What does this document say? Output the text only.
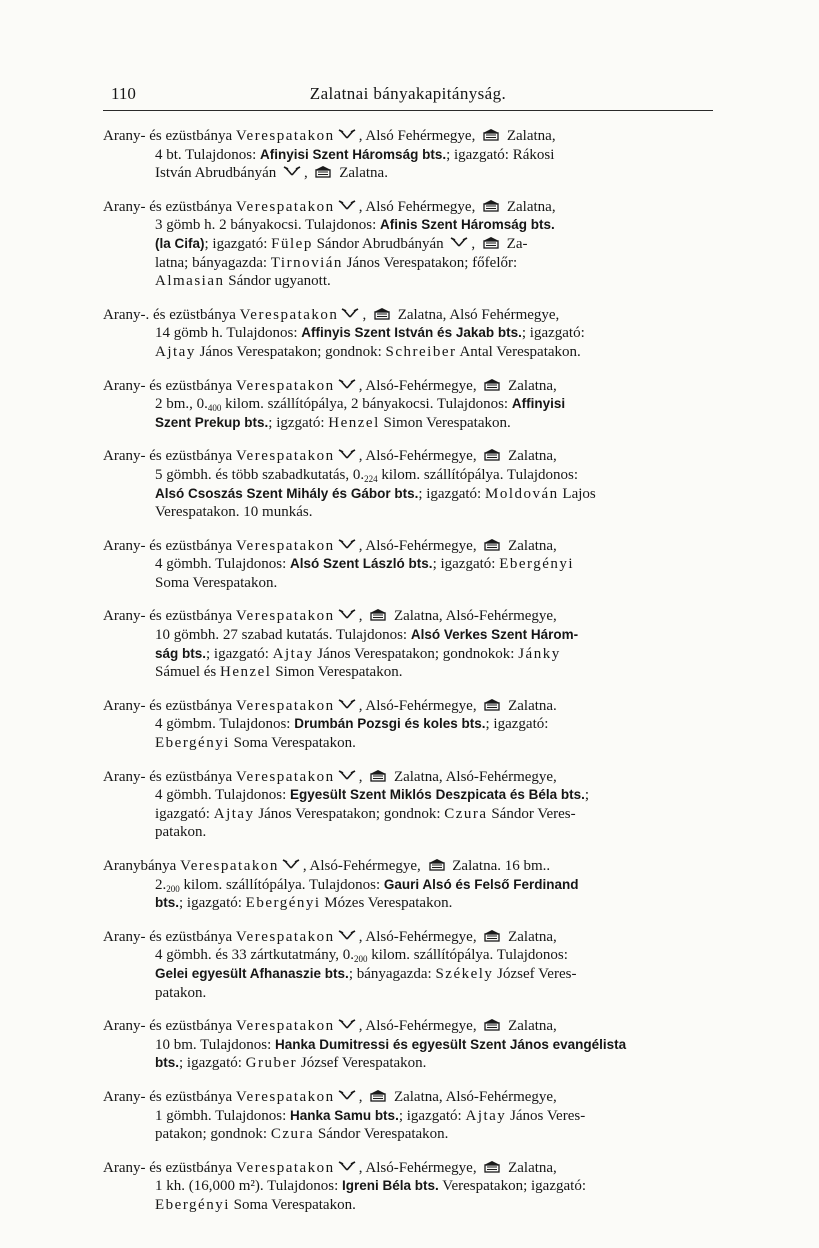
110	Zalatnai bányakapitányság.
Arany- és ezüstbánya Verespatakon , Alsó Fehérmegye,  Zalatna,
4 bt. Tulajdonos: Afinyisi Szent Háromság bts.; igazgató: Rákosi
István Abrudbányán ,  Zalatna.
Arany- és ezüstbánya Verespatakon , Alsó Fehérmegye,  Zalatna,
3 gömb h. 2 bányakocsi. Tulajdonos: Afinis Szent Háromság bts.
(la Cifa); igazgató: Fülep Sándor Abrudbányán ,  Za-
latna; bányagazda: Tirnovián János Verespatakon; főfelőr:
Almasian Sándor ugyanott.
Arany-. és ezüstbánya Verespatakon ,  Zalatna, Alsó Fehérmegye,
14 gömb h. Tulajdonos: Affinyis Szent István és Jakab bts.; igazgató:
Ajtay János Verespatakon; gondnok: Schreiber Antal Verespatakon.
Arany- és ezüstbánya Verespatakon , Alsó-Fehérmegye,  Zalatna,
2 bm., $0._{400}$ kilom. szállítópálya, 2 bányakocsi. Tulajdonos: Affinyisi
Szent Prekup bts.; igzgató: Henzel Simon Verespatakon.
Arany- és ezüstbánya Verespatakon , Alsó-Fehérmegye,  Zalatna,
5 gömbh. és több szabadkutatás, $0._{224}$ kilom. szállítópálya. Tulajdonos:
Alsó Csoszás Szent Mihály és Gábor bts.; igazgató: Moldován Lajos
Verespatakon. 10 munkás.
Arany- és ezüstbánya Verespatakon , Alsó-Fehérmegye,  Zalatna,
4 gömbh. Tulajdonos: Alsó Szent László bts.; igazgató: Ebergényi
Soma Verespatakon.
Arany- és ezüstbánya Verespatakon ,  Zalatna, Alsó-Fehérmegye,
10 gömbh. 27 szabad kutatás. Tulajdonos: Alsó Verkes Szent Három-
ság bts.; igazgató: Ajtay János Verespatakon; gondnokok: Jánky
Sámuel és Henzel Simon Verespatakon.
Arany- és ezüstbánya Verespatakon , Alsó-Fehérmegye,  Zalatna.
4 gömbm. Tulajdonos: Drumbán Pozsgi és koles bts.; igazgató:
Ebergényi Soma Verespatakon.
Arany- és ezüstbánya Verespatakon ,  Zalatna, Alsó-Fehérmegye,
4 gömbh. Tulajdonos: Egyesült Szent Miklós Deszpicata és Béla bts.;
igazgató: Ajtay János Verespatakon; gondnok: Czura Sándor Veres-
patakon.
Aranybánya Verespatakon , Alsó-Fehérmegye,  Zalatna. 16 bm..
$2._{200}$ kilom. szállítópálya. Tulajdonos: Gauri Alsó és Felső Ferdinand
bts.; igazgató: Ebergényi Mózes Verespatakon.
Arany- és ezüstbánya Verespatakon , Alsó-Fehérmegye,  Zalatna,
4 gömbh. és 33 zártkutatmány, $0._{200}$ kilom. szállítópálya. Tulajdonos:
Gelei egyesült Afhanaszie bts.; bányagazda: Székely József Veres-
patakon.
Arany- és ezüstbánya Verespatakon , Alsó-Fehérmegye,  Zalatna,
10 bm. Tulajdonos: Hanka Dumitressi és egyesült Szent János evangélista
bts.; igazgató: Gruber József Verespatakon.
Arany- és ezüstbánya Verespatakon ,  Zalatna, Alsó-Fehérmegye,
1 gömbh. Tulajdonos: Hanka Samu bts.; igazgató: Ajtay János Veres-
patakon; gondnok: Czura Sándor Verespatakon.
Arany- és ezüstbánya Verespatakon , Alsó-Fehérmegye,  Zalatna,
1 kh. (16,000 m²). Tulajdonos: Igreni Béla bts. Verespatakon; igazgató:
Ebergényi Soma Verespatakon.
